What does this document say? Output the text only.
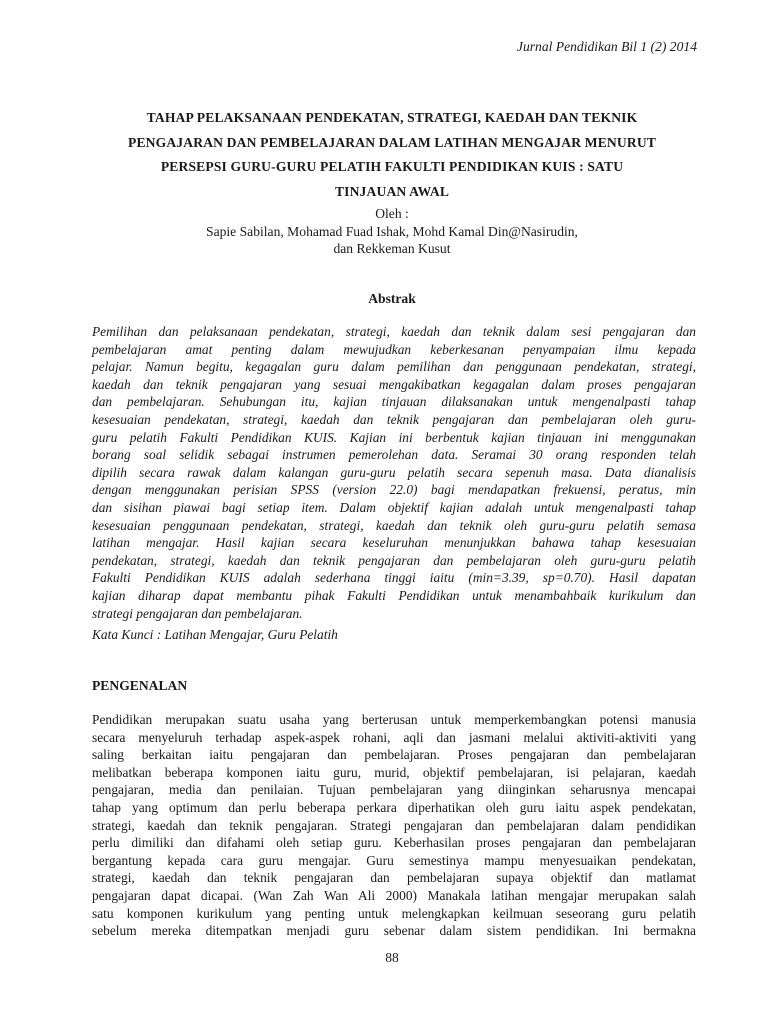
Jurnal Pendidikan Bil 1 (2) 2014
TAHAP PELAKSANAAN PENDEKATAN, STRATEGI, KAEDAH DAN TEKNIK
PENGAJARAN DAN PEMBELAJARAN DALAM LATIHAN MENGAJAR MENURUT
PERSEPSI GURU-GURU PELATIH FAKULTI PENDIDIKAN KUIS : SATU
TINJAUAN AWAL
Oleh :
Sapie Sabilan, Mohamad Fuad Ishak, Mohd Kamal Din@Nasirudin,
dan Rekkeman Kusut
Abstrak
Pemilihan dan pelaksanaan pendekatan, strategi, kaedah dan teknik dalam sesi pengajaran dan
pembelajaran amat penting dalam mewujudkan keberkesanan penyampaian ilmu kepada
pelajar. Namun begitu, kegagalan guru dalam pemilihan dan penggunaan pendekatan, strategi,
kaedah dan teknik pengajaran yang sesuai mengakibatkan kegagalan dalam proses pengajaran
dan pembelajaran. Sehubungan itu, kajian tinjauan dilaksanakan untuk mengenalpasti tahap
kesesuaian pendekatan, strategi, kaedah dan teknik pengajaran dan pembelajaran oleh guru-
guru pelatih Fakulti Pendidikan KUIS. Kajian ini berbentuk kajian tinjauan ini menggunakan
borang soal selidik sebagai instrumen pemerolehan data. Seramai 30 orang responden telah
dipilih secara rawak dalam kalangan guru-guru pelatih secara sepenuh masa. Data dianalisis
dengan menggunakan perisian SPSS (version 22.0) bagi mendapatkan frekuensi, peratus, min
dan sisihan piawai bagi setiap item. Dalam objektif kajian adalah untuk mengenalpasti tahap
kesesuaian penggunaan pendekatan, strategi, kaedah dan teknik oleh guru-guru pelatih semasa
latihan mengajar. Hasil kajian secara keseluruhan menunjukkan bahawa tahap kesesuaian
pendekatan, strategi, kaedah dan teknik pengajaran dan pembelajaran oleh guru-guru pelatih
Fakulti Pendidikan KUIS adalah sederhana tinggi iaitu (min=3.39, sp=0.70). Hasil dapatan
kajian diharap dapat membantu pihak Fakulti Pendidikan untuk menambahbaik kurikulum dan
strategi pengajaran dan pembelajaran.
Kata Kunci : Latihan Mengajar, Guru Pelatih
PENGENALAN
Pendidikan merupakan suatu usaha yang berterusan untuk memperkembangkan potensi manusia
secara menyeluruh terhadap aspek-aspek rohani, aqli dan jasmani melalui aktiviti-aktiviti yang
saling berkaitan iaitu pengajaran dan pembelajaran. Proses pengajaran dan pembelajaran
melibatkan beberapa komponen iaitu guru, murid, objektif pembelajaran, isi pelajaran, kaedah
pengajaran, media dan penilaian. Tujuan pembelajaran yang diinginkan seharusnya mencapai
tahap yang optimum dan perlu beberapa perkara diperhatikan oleh guru iaitu aspek pendekatan,
strategi, kaedah dan teknik pengajaran. Strategi pengajaran dan pembelajaran dalam pendidikan
perlu dimiliki dan difahami oleh setiap guru. Keberhasilan proses pengajaran dan pembelajaran
bergantung kepada cara guru mengajar. Guru semestinya mampu menyesuaikan pendekatan,
strategi, kaedah dan teknik pengajaran dan pembelajaran supaya objektif dan matlamat
pengajaran dapat dicapai. (Wan Zah Wan Ali 2000) Manakala latihan mengajar merupakan salah
satu komponen kurikulum yang penting untuk melengkapkan keilmuan seseorang guru pelatih
sebelum mereka ditempatkan menjadi guru sebenar dalam sistem pendidikan. Ini bermakna
88
